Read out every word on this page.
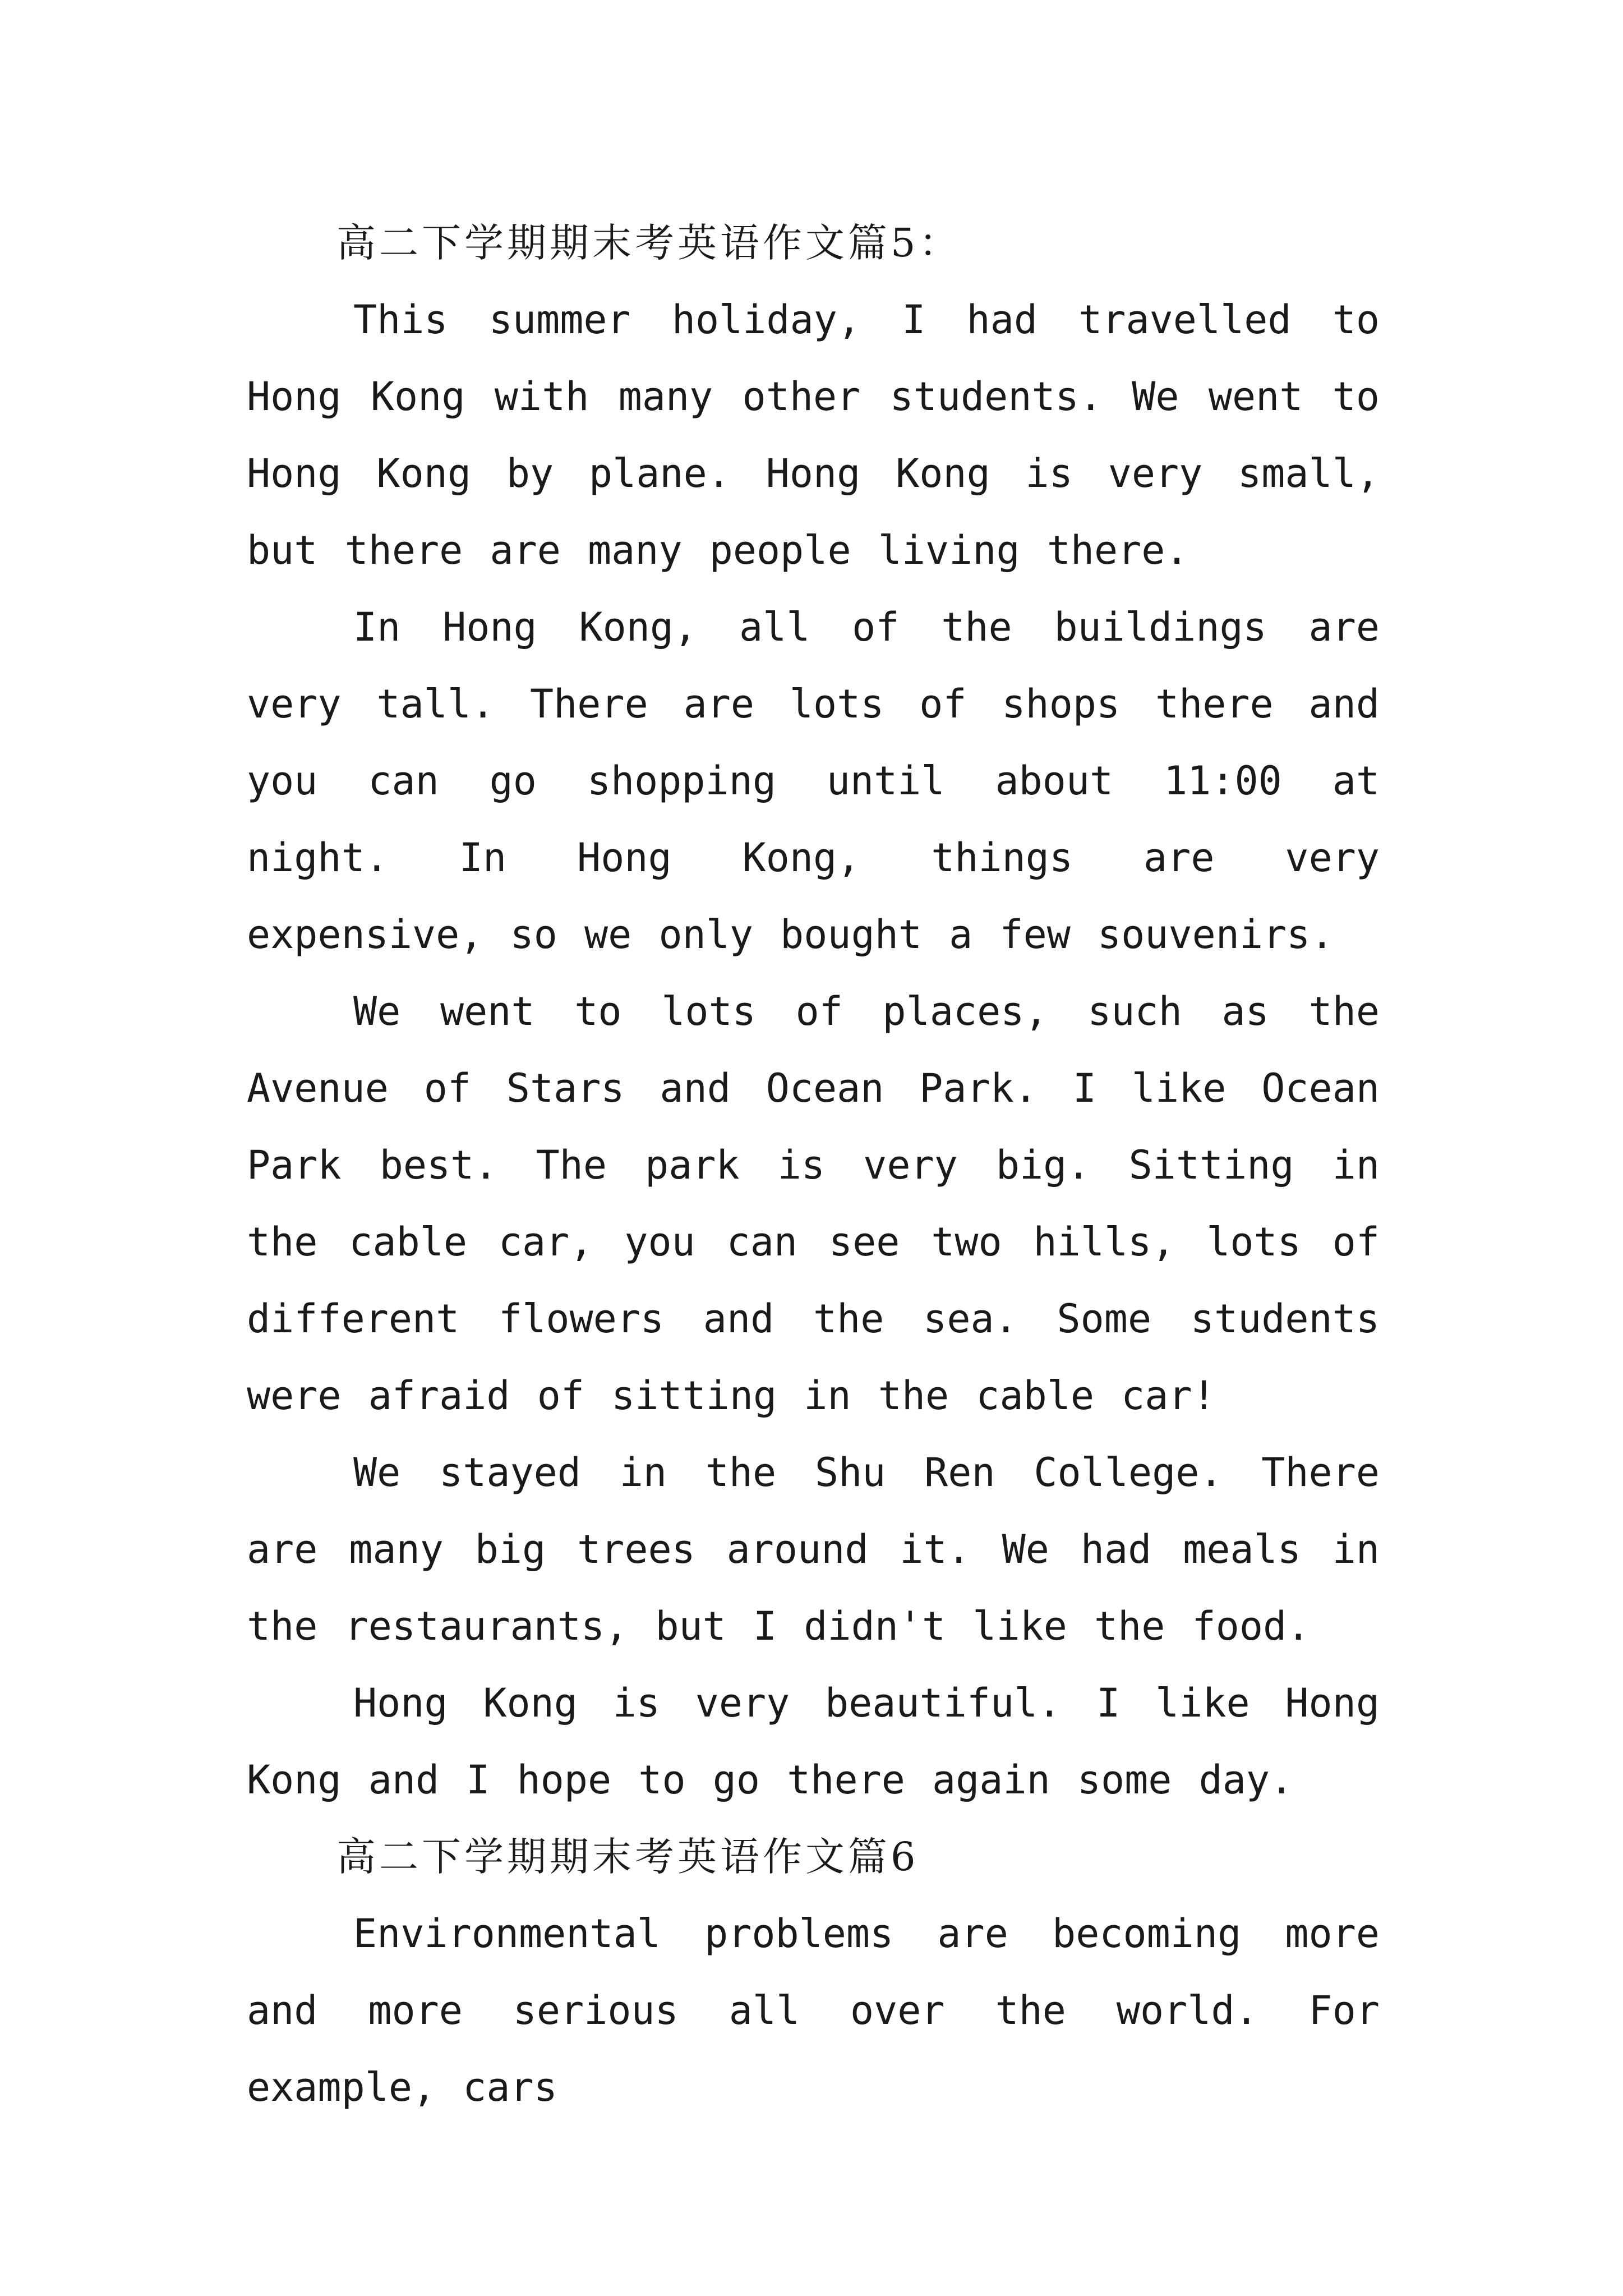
高二下学期期末考英语作文篇5：

This summer holiday, I had travelled to Hong Kong with many other students. We went to Hong Kong by plane. Hong Kong is very small, but there are many people living there.

In Hong Kong, all of the buildings are very tall. There are lots of shops there and you can go shopping until about 11:00 at night. In Hong Kong, things are very expensive, so we only bought a few souvenirs.

We went to lots of places, such as the Avenue of Stars and Ocean Park. I like Ocean Park best. The park is very big. Sitting in the cable car, you can see two hills, lots of different flowers and the sea. Some students were afraid of sitting in the cable car!

We stayed in the Shu Ren College. There are many big trees around it. We had meals in the restaurants, but I didn't like the food.

Hong Kong is very beautiful. I like Hong Kong and I hope to go there again some day.

高二下学期期末考英语作文篇6

Environmental problems are becoming more and more serious all over the world. For example, cars
